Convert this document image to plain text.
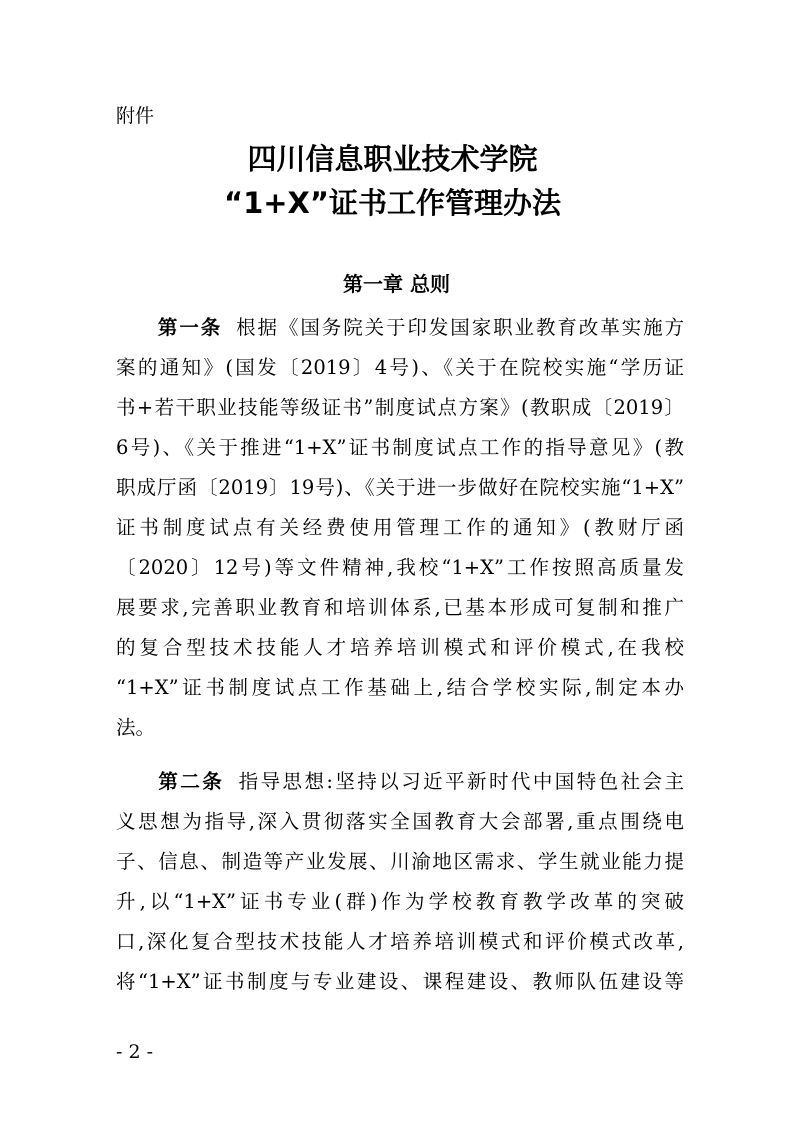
附件
四川信息职业技术学院
“1+X”证书工作管理办法
第一章 总则
第一条 根据《国务院关于印发国家职业教育改革实施方
案的通知》(国发〔2019〕4号)、《关于在院校实施“学历证
书+若干职业技能等级证书”制度试点方案》(教职成〔2019〕
6号)、《关于推进“1+X”证书制度试点工作的指导意见》(教
职成厅函〔2019〕19号)、《关于进一步做好在院校实施“1+X”
证书制度试点有关经费使用管理工作的通知》(教财厅函
〔2020〕12号)等文件精神,我校“1+X”工作按照高质量发
展要求,完善职业教育和培训体系,已基本形成可复制和推广
的复合型技术技能人才培养培训模式和评价模式,在我校
“1+X”证书制度试点工作基础上,结合学校实际,制定本办
法。
第二条 指导思想:坚持以习近平新时代中国特色社会主
义思想为指导,深入贯彻落实全国教育大会部署,重点围绕电
子、信息、制造等产业发展、川渝地区需求、学生就业能力提
升,以“1+X”证书专业(群)作为学校教育教学改革的突破
口,深化复合型技术技能人才培养培训模式和评价模式改革,
将“1+X”证书制度与专业建设、课程建设、教师队伍建设等
- 2 -
